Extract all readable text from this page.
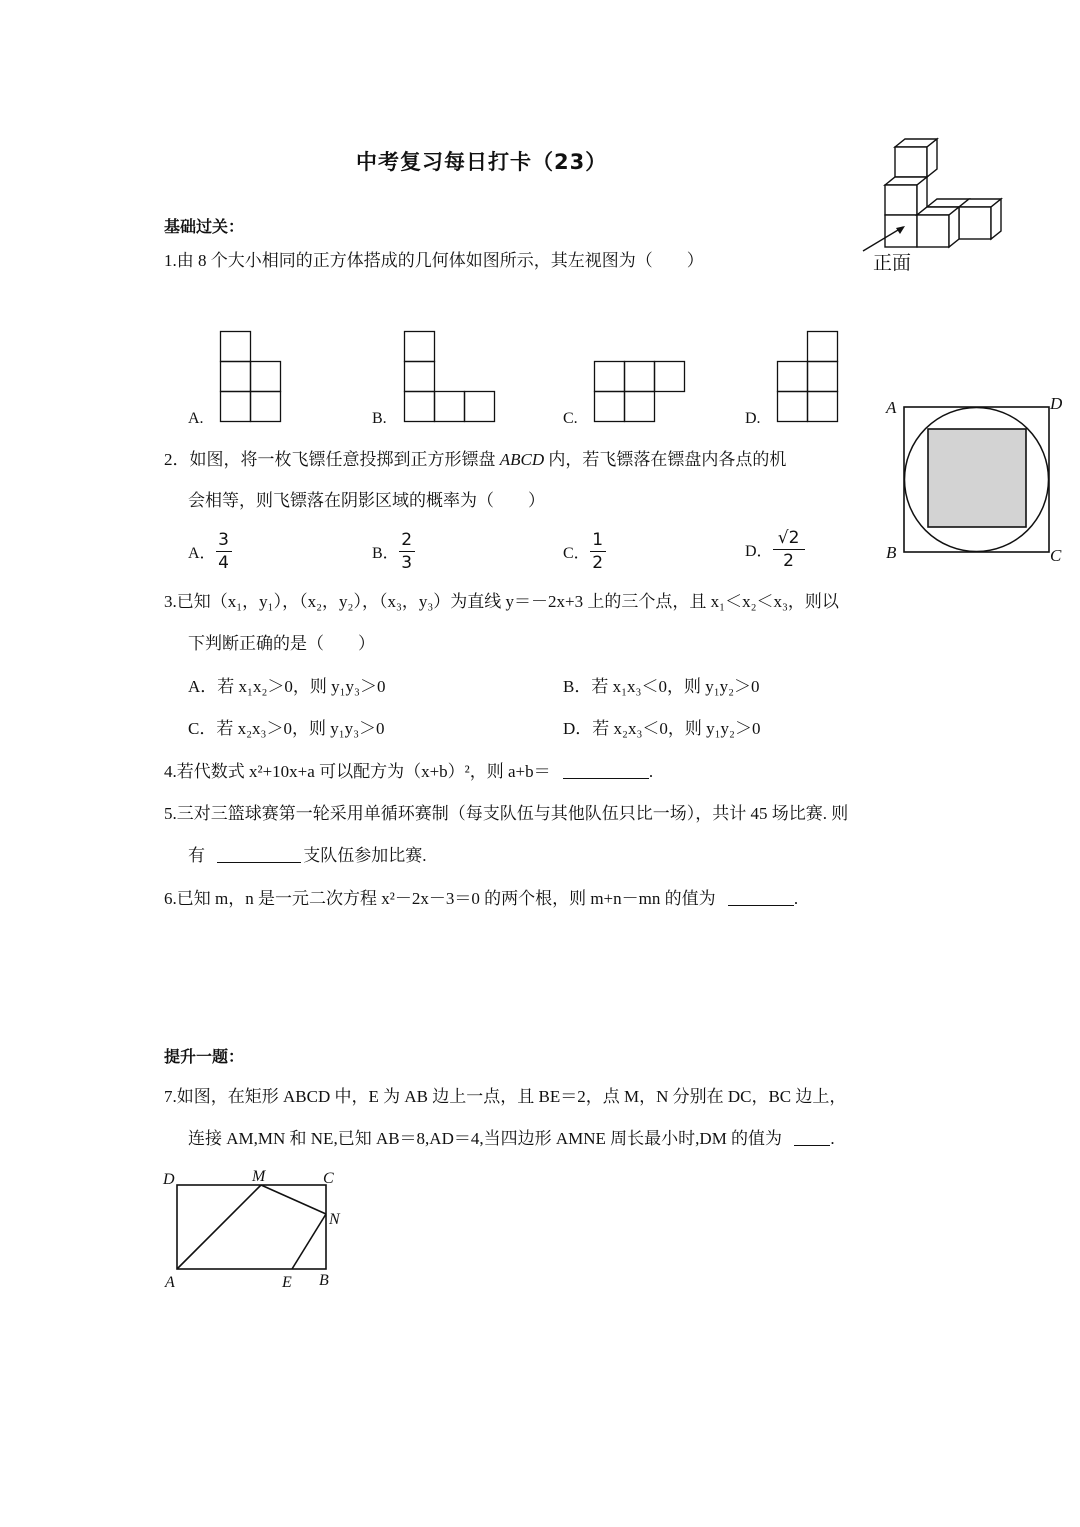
中考复习每日打卡（23）
基础过关：
1.由 8 个大小相同的正方体搭成的几何体如图所示，其左视图为（　　）	正面
A.	B.	C.	D.
2．如图，将一枚飞镖任意投掷到正方形镖盘 ABCD 内，若飞镖落在镖盘内各点的机
会相等，则飞镖落在阴影区域的概率为（　　）
A． $\frac{3}{4}$	B． $\frac{2}{3}$	C． $\frac{1}{2}$	D． $\frac{√2}{2}$
A	D
B	C
3.已知（x₁，y₁），（x₂，y₂），（x₃，y₃）为直线 y＝－2x+3 上的三个点，且 x₁＜x₂＜x₃，则以
下判断正确的是（　　）
A．若 x₁x₂＞0，则 y₁y₃＞0	B．若 x₁x₃＜0，则 y₁y₂＞0
C．若 x₂x₃＞0，则 y₁y₃＞0	D．若 x₂x₃＜0，则 y₁y₂＞0
4.若代数式 x²+10x+a 可以配方为（x+b）²，则 a+b＝	.
5.三对三篮球赛第一轮采用单循环赛制（每支队伍与其他队伍只比一场），共计 45 场比赛. 则
有	支队伍参加比赛.
6.已知 m，n 是一元二次方程 x²－2x－3＝0 的两个根，则 m+n－mn 的值为	.
提升一题：
7.如图，在矩形 ABCD 中，E 为 AB 边上一点，且 BE＝2，点 M，N 分别在 DC，BC 边上，
连接 AM,MN 和 NE,已知 AB＝8,AD＝4,当四边形 AMNE 周长最小时,DM 的值为	.
D	M	C
N
A	E B
